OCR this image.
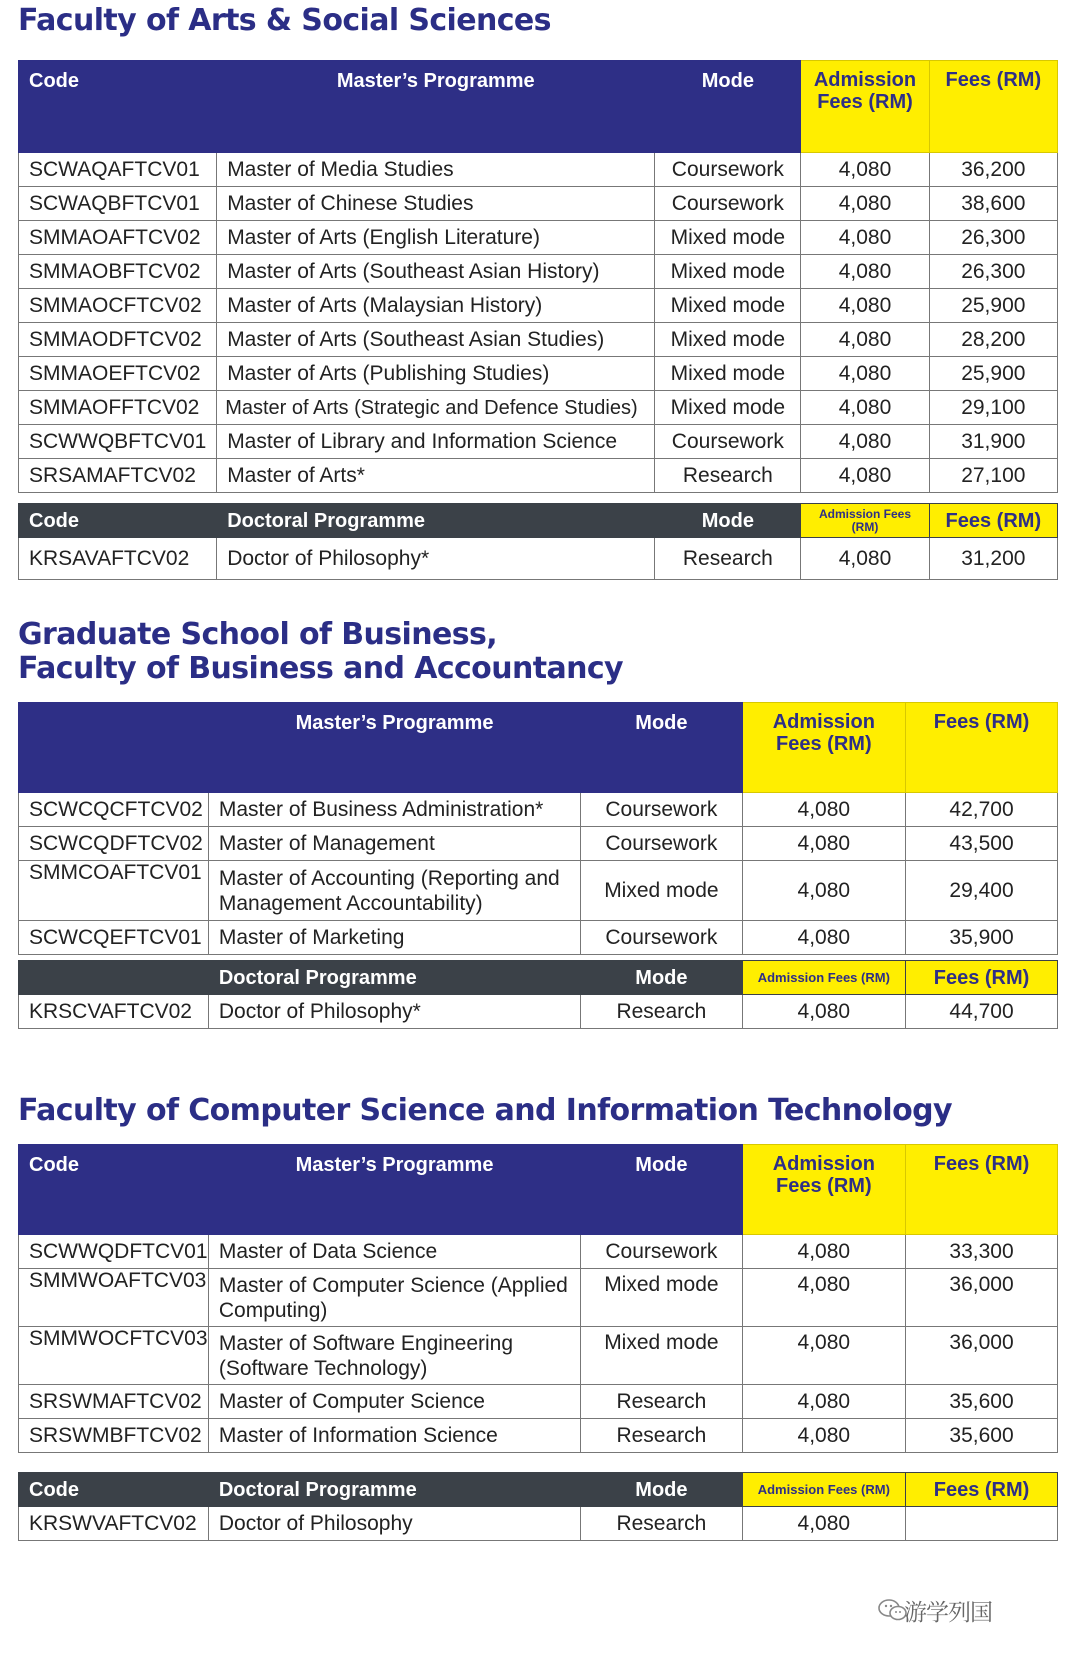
Faculty of Arts & Social Sciences
Code	Master’s Programme	Mode	Admission Fees (RM)	Fees (RM)
SCWAQAFTCV01	Master of Media Studies	Coursework	4,080	36,200
SCWAQBFTCV01	Master of Chinese Studies	Coursework	4,080	38,600
SMMAOAFTCV02	Master of Arts (English Literature)	Mixed mode	4,080	26,300
SMMAOBFTCV02	Master of Arts (Southeast Asian History)	Mixed mode	4,080	26,300
SMMAOCFTCV02	Master of Arts (Malaysian History)	Mixed mode	4,080	25,900
SMMAODFTCV02	Master of Arts (Southeast Asian Studies)	Mixed mode	4,080	28,200
SMMAOEFTCV02	Master of Arts (Publishing Studies)	Mixed mode	4,080	25,900
SMMAOFFTCV02	Master of Arts (Strategic and Defence Studies)	Mixed mode	4,080	29,100
SCWWQBFTCV01	Master of Library and Information Science	Coursework	4,080	31,900
SRSAMAFTCV02	Master of Arts*	Research	4,080	27,100
Code	Doctoral Programme	Mode	Admission Fees (RM)	Fees (RM)
KRSAVAFTCV02	Doctor of Philosophy*	Research	4,080	31,200
Graduate School of Business,
Faculty of Business and Accountancy
	Master’s Programme	Mode	Admission Fees (RM)	Fees (RM)
SCWCQCFTCV02	Master of Business Administration*	Coursework	4,080	42,700
SCWCQDFTCV02	Master of Management	Coursework	4,080	43,500
SMMCOAFTCV01	Master of Accounting (Reporting and Management Accountability)	Mixed mode	4,080	29,400
SCWCQEFTCV01	Master of Marketing	Coursework	4,080	35,900
	Doctoral Programme	Mode	Admission Fees (RM)	Fees (RM)
KRSCVAFTCV02	Doctor of Philosophy*	Research	4,080	44,700
Faculty of Computer Science and Information Technology
Code	Master’s Programme	Mode	Admission Fees (RM)	Fees (RM)
SCWWQDFTCV01	Master of Data Science	Coursework	4,080	33,300
SMMWOAFTCV03	Master of Computer Science (Applied Computing)	Mixed mode	4,080	36,000
SMMWOCFTCV03	Master of Software Engineering (Software Technology)	Mixed mode	4,080	36,000
SRSWMAFTCV02	Master of Computer Science	Research	4,080	35,600
SRSWMBFTCV02	Master of Information Science	Research	4,080	35,600
Code	Doctoral Programme	Mode	Admission Fees (RM)	Fees (RM)
KRSWVAFTCV02	Doctor of Philosophy	Research	4,080	
游学列国
